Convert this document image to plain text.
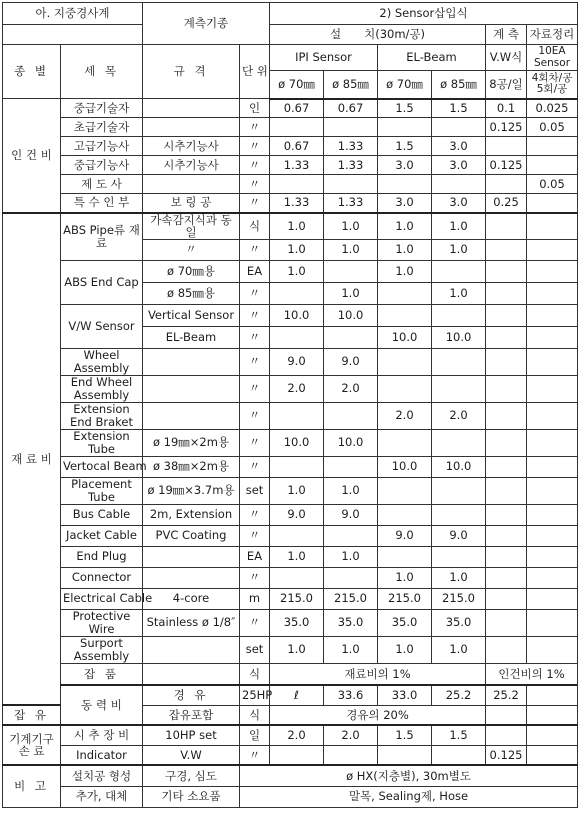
아. 지중경사계		계측기종		2) Sensor삽입식						
				설　　치(30m/공)				계 측	자료정리	
종 별	세 목	규 격	단 위	IPI Sensor		EL-Beam		V.W식	10EA Sensor	
				ø 70㎜	ø 85㎜	ø 70㎜	ø 85㎜	8공/일	4회차/공 5회/공	
인 건 비	중급기술자		인	0.67	0.67	1.5	1.5	0.1	0.025	
	초급기술자		〃					0.125	0.05	
	고급기능사	시추기능사	〃	0.67	1.33	1.5	3.0			
	중급기능사	시추기능사	〃	1.33	1.33	3.0	3.0	0.125		
	제 도 사		〃						0.05	
	특 수 인 부	보 링 공	〃	1.33	1.33	3.0	3.0	0.25		
재 료 비	ABS Pipe류 재 료	가속감지식과 동일	식	1.0	1.0	1.0	1.0			
		〃	〃	1.0	1.0	1.0	1.0			
	ABS End Cap	ø 70㎜용	EA	1.0		1.0				
		ø 85㎜용	〃		1.0		1.0			
	V/W Sensor	Vertical Sensor	〃	10.0	10.0					
		EL-Beam	〃			10.0	10.0			
	Wheel Assembly		〃	9.0	9.0					
	End Wheel Assembly		〃	2.0	2.0					
	Extension End Braket		〃			2.0	2.0			
	Extension Tube	ø 19㎜×2m용	〃	10.0	10.0					
	Vertocal Beam	ø 38㎜×2m용	〃			10.0	10.0			
	Placement Tube	ø 19㎜×3.7m용	set	1.0	1.0					
	Bus Cable	2m, Extension	〃	9.0	9.0					
	Jacket Cable	PVC Coating	〃			9.0	9.0			
	End Plug		EA	1.0	1.0					
	Connector		〃			1.0	1.0			
	Electrical Cable	4-core	m	215.0	215.0	215.0	215.0			
	Protective Wire	Stainless ø 1/8″	〃	35.0	35.0	35.0	35.0			
	Surport Assembly		set	1.0	1.0	1.0	1.0			
	잡 품		식	재료비의 1%				인건비의 1%		
	동 력 비	경 유	25HP	ℓ	33.6	33.0	25.2	25.2		
잡 유		잡유포함	식	경유의 20%						
기계기구 손 료	시 추 장 비	10HP set	일	2.0	2.0	1.5	1.5			
	Indicator	V.W	〃					0.125		
비 고	설치공 형성	구경, 심도	ø HX(지층별), 30m별도							
	추가, 대체	기타 소요품	말목, Sealing제, Hose							
